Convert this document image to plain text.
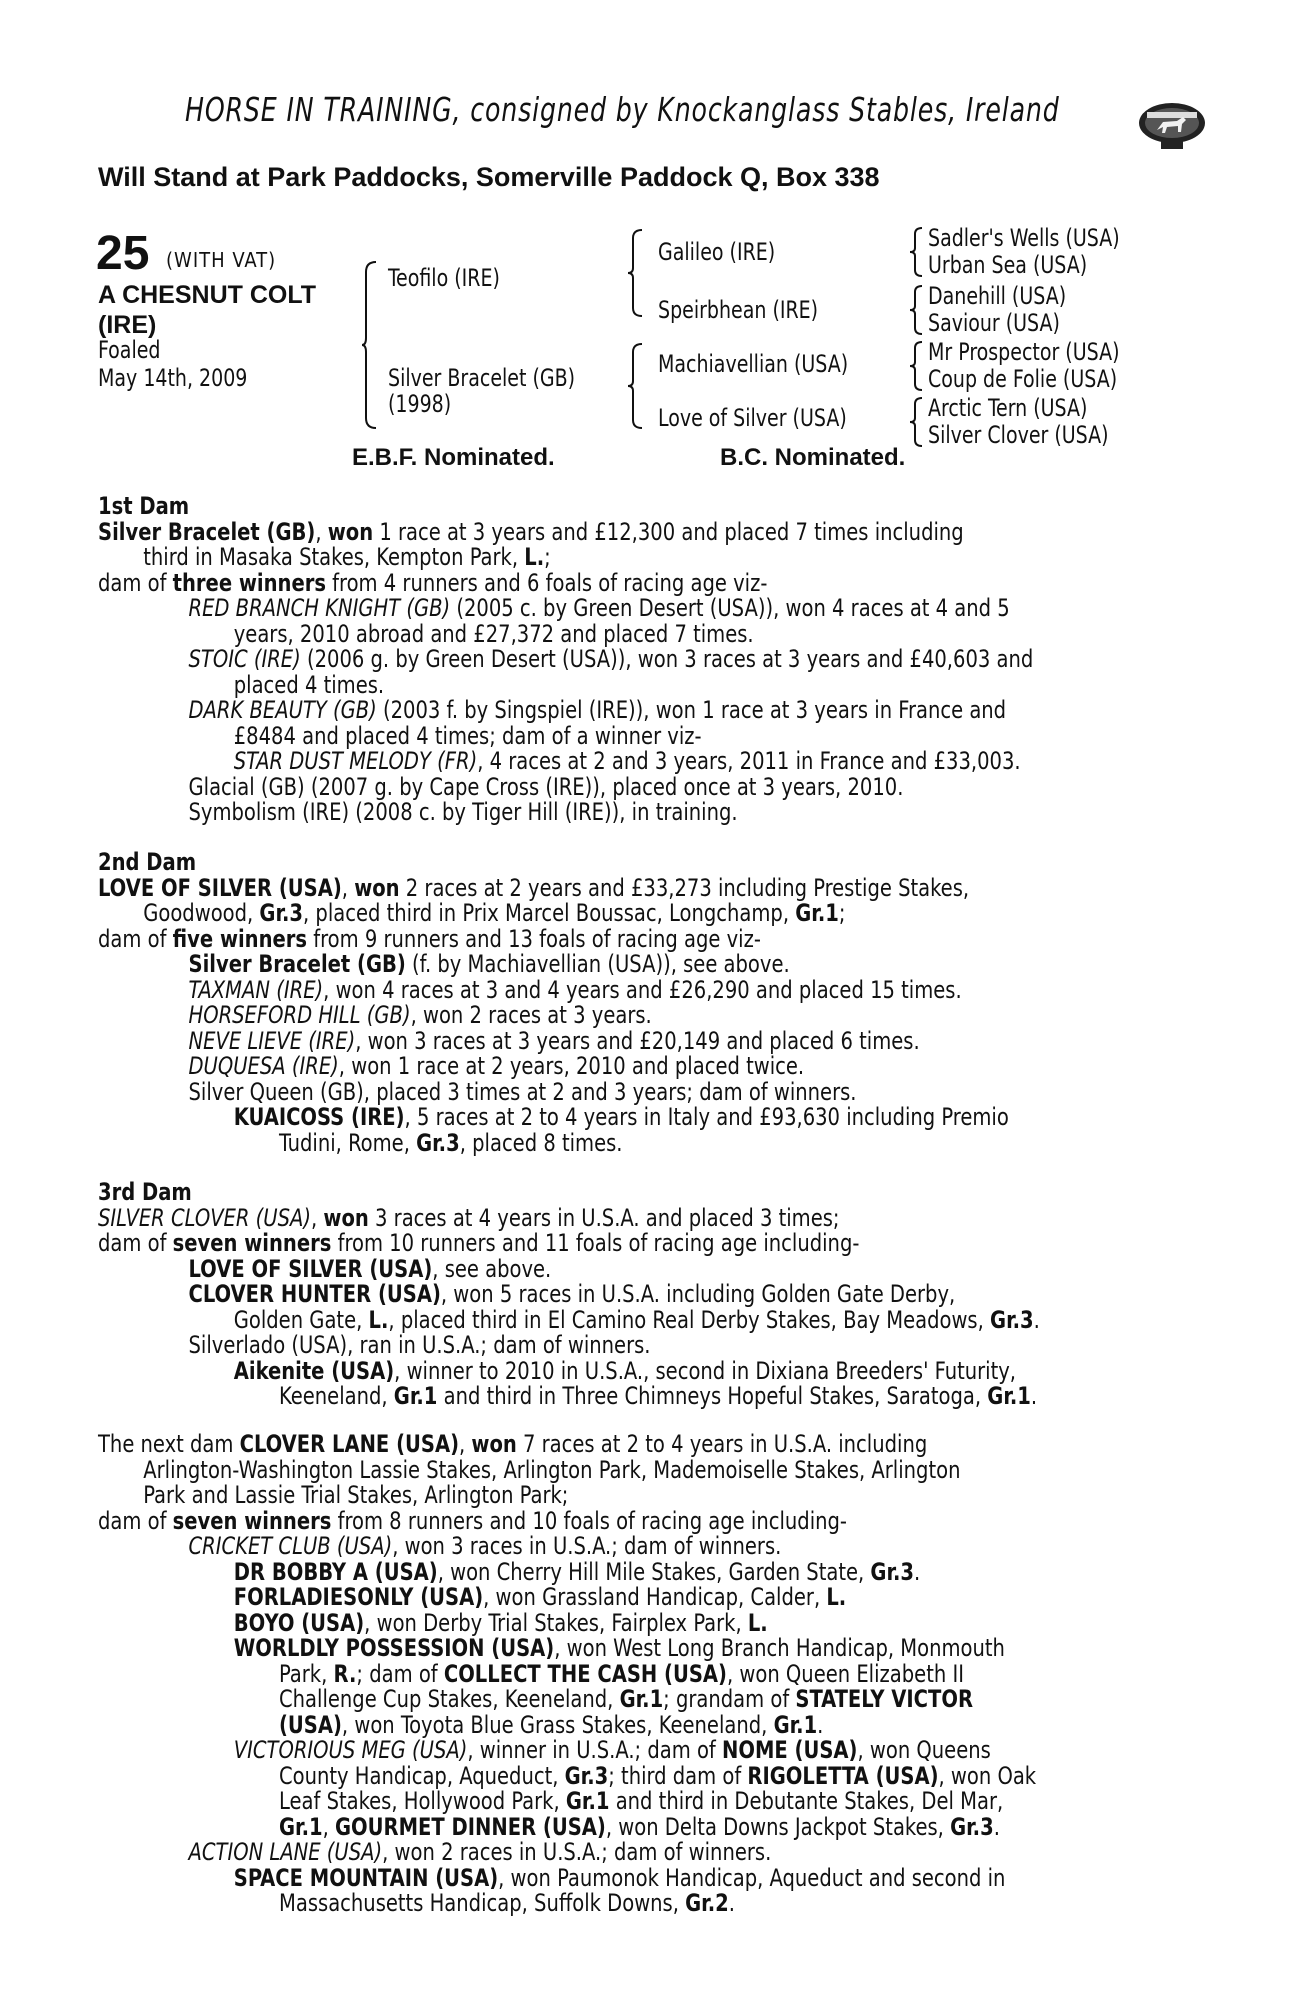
HORSE IN TRAINING, consigned by Knockanglass Stables, Ireland
Will Stand at Park Paddocks, Somerville Paddock Q, Box 338
25 (WITH VAT)
A CHESNUT COLT (IRE)
Foaled
May 14th, 2009
Teofilo (IRE)
Silver Bracelet (GB)
(1998)
Galileo (IRE)
Speirbhean (IRE)
Machiavellian (USA)
Love of Silver (USA)
Sadler's Wells (USA)
Urban Sea (USA)
Danehill (USA)
Saviour (USA)
Mr Prospector (USA)
Coup de Folie (USA)
Arctic Tern (USA)
Silver Clover (USA)
E.B.F. Nominated.	B.C. Nominated.
1st Dam
Silver Bracelet (GB), won 1 race at 3 years and £12,300 and placed 7 times including
third in Masaka Stakes, Kempton Park, L.;
dam of three winners from 4 runners and 6 foals of racing age viz-
RED BRANCH KNIGHT (GB) (2005 c. by Green Desert (USA)), won 4 races at 4 and 5
years, 2010 abroad and £27,372 and placed 7 times.
STOIC (IRE) (2006 g. by Green Desert (USA)), won 3 races at 3 years and £40,603 and
placed 4 times.
DARK BEAUTY (GB) (2003 f. by Singspiel (IRE)), won 1 race at 3 years in France and
£8484 and placed 4 times; dam of a winner viz-
STAR DUST MELODY (FR), 4 races at 2 and 3 years, 2011 in France and £33,003.
Glacial (GB) (2007 g. by Cape Cross (IRE)), placed once at 3 years, 2010.
Symbolism (IRE) (2008 c. by Tiger Hill (IRE)), in training.
2nd Dam
LOVE OF SILVER (USA), won 2 races at 2 years and £33,273 including Prestige Stakes,
Goodwood, Gr.3, placed third in Prix Marcel Boussac, Longchamp, Gr.1;
dam of five winners from 9 runners and 13 foals of racing age viz-
Silver Bracelet (GB) (f. by Machiavellian (USA)), see above.
TAXMAN (IRE), won 4 races at 3 and 4 years and £26,290 and placed 15 times.
HORSEFORD HILL (GB), won 2 races at 3 years.
NEVE LIEVE (IRE), won 3 races at 3 years and £20,149 and placed 6 times.
DUQUESA (IRE), won 1 race at 2 years, 2010 and placed twice.
Silver Queen (GB), placed 3 times at 2 and 3 years; dam of winners.
KUAICOSS (IRE), 5 races at 2 to 4 years in Italy and £93,630 including Premio
Tudini, Rome, Gr.3, placed 8 times.
3rd Dam
SILVER CLOVER (USA), won 3 races at 4 years in U.S.A. and placed 3 times;
dam of seven winners from 10 runners and 11 foals of racing age including-
LOVE OF SILVER (USA), see above.
CLOVER HUNTER (USA), won 5 races in U.S.A. including Golden Gate Derby,
Golden Gate, L., placed third in El Camino Real Derby Stakes, Bay Meadows, Gr.3.
Silverlado (USA), ran in U.S.A.; dam of winners.
Aikenite (USA), winner to 2010 in U.S.A., second in Dixiana Breeders' Futurity,
Keeneland, Gr.1 and third in Three Chimneys Hopeful Stakes, Saratoga, Gr.1.
The next dam CLOVER LANE (USA), won 7 races at 2 to 4 years in U.S.A. including
Arlington-Washington Lassie Stakes, Arlington Park, Mademoiselle Stakes, Arlington
Park and Lassie Trial Stakes, Arlington Park;
dam of seven winners from 8 runners and 10 foals of racing age including-
CRICKET CLUB (USA), won 3 races in U.S.A.; dam of winners.
DR BOBBY A (USA), won Cherry Hill Mile Stakes, Garden State, Gr.3.
FORLADIESONLY (USA), won Grassland Handicap, Calder, L.
BOYO (USA), won Derby Trial Stakes, Fairplex Park, L.
WORLDLY POSSESSION (USA), won West Long Branch Handicap, Monmouth
Park, R.; dam of COLLECT THE CASH (USA), won Queen Elizabeth II
Challenge Cup Stakes, Keeneland, Gr.1; grandam of STATELY VICTOR
(USA), won Toyota Blue Grass Stakes, Keeneland, Gr.1.
VICTORIOUS MEG (USA), winner in U.S.A.; dam of NOME (USA), won Queens
County Handicap, Aqueduct, Gr.3; third dam of RIGOLETTA (USA), won Oak
Leaf Stakes, Hollywood Park, Gr.1 and third in Debutante Stakes, Del Mar,
Gr.1, GOURMET DINNER (USA), won Delta Downs Jackpot Stakes, Gr.3.
ACTION LANE (USA), won 2 races in U.S.A.; dam of winners.
SPACE MOUNTAIN (USA), won Paumonok Handicap, Aqueduct and second in
Massachusetts Handicap, Suffolk Downs, Gr.2.
